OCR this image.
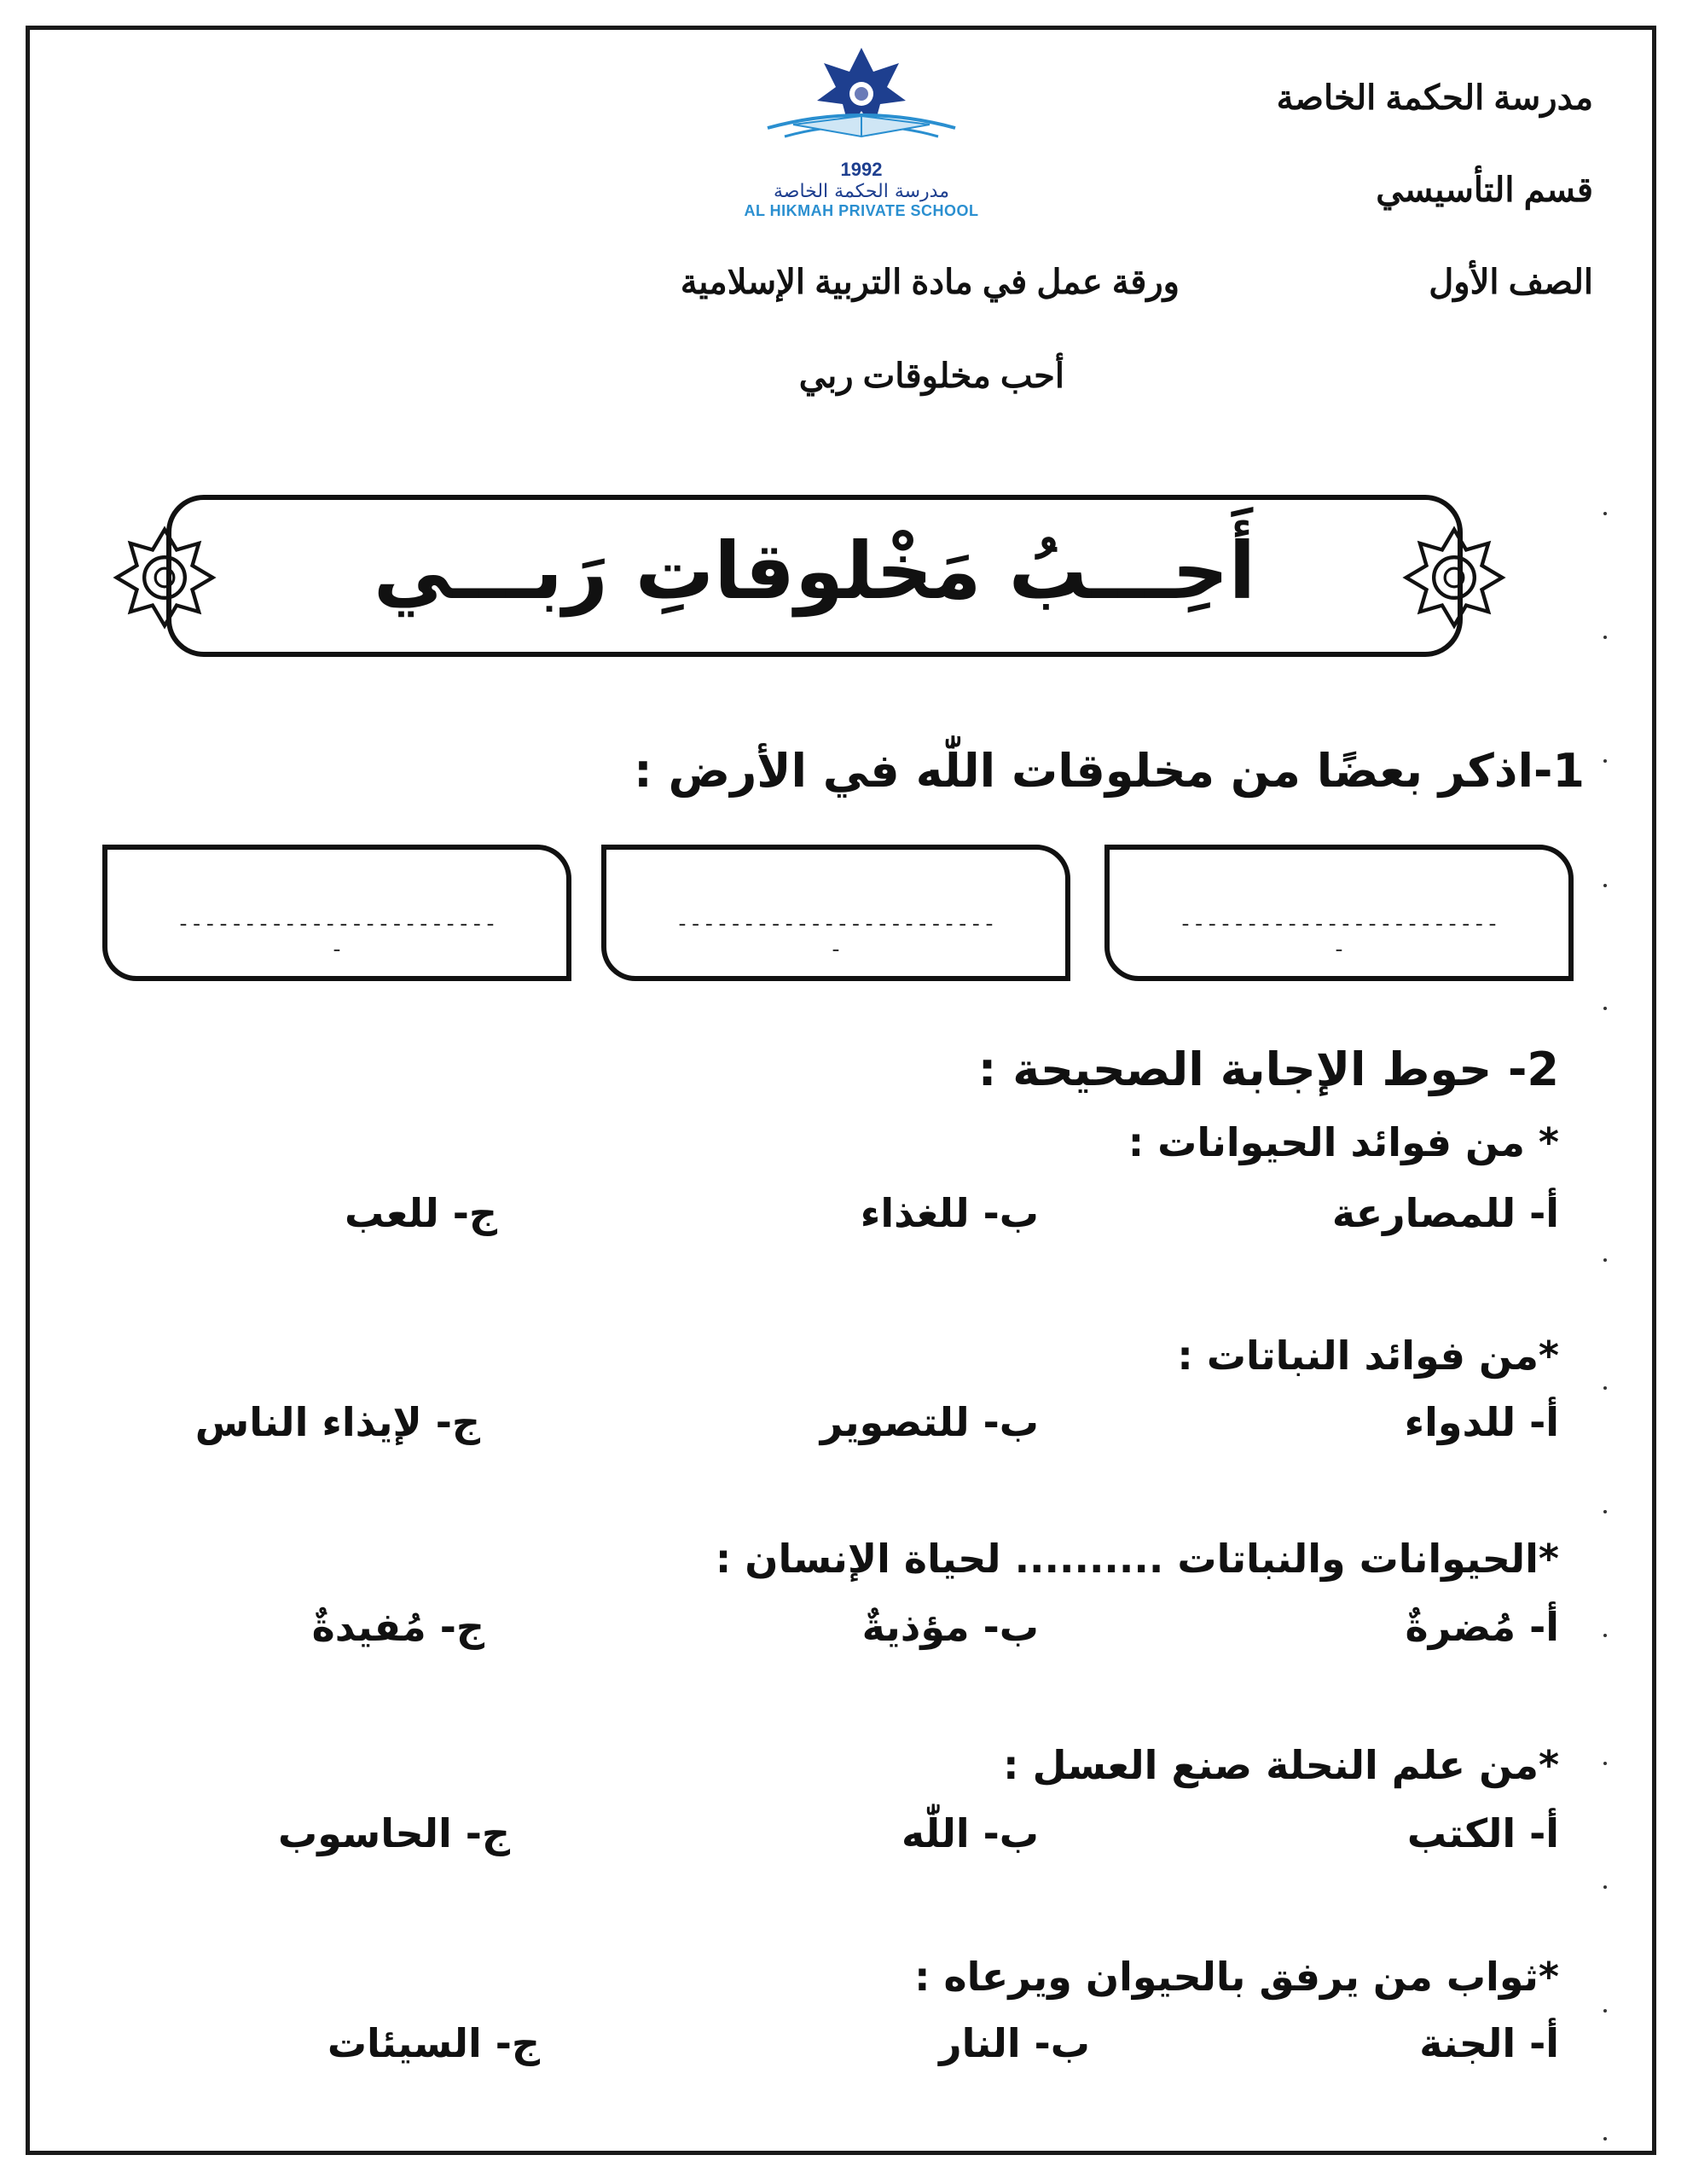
1992
مدرسة الحكمة الخاصة
AL HIKMAH PRIVATE SCHOOL
مدرسة الحكمة الخاصة
قسم التأسيسي
الصف الأول
ورقة عمل في مادة التربية الإسلامية
أحب مخلوقات ربي
أَحِـــبُ مَخْلوقاتِ رَبـــي
1-اذكر بعضًا من مخلوقات اللّٰه في الأرض :
-------------------------
-------------------------
-------------------------
2- حوط الإجابة الصحيحة :
* من فوائد الحيوانات :
أ- للمصارعة
ب- للغذاء
ج- للعب
*من فوائد النباتات :
أ- للدواء
ب- للتصوير
ج- لإيذاء الناس
*الحيوانات والنباتات .......... لحياة الإنسان :
أ- مُضرةٌ
ب- مؤذيةٌ
ج- مُفيدةٌ
*من علم النحلة صنع العسل :
أ- الكتب
ب- اللّٰه
ج- الحاسوب
*ثواب من يرفق بالحيوان ويرعاه :
أ- الجنة
ب- النار
ج- السيئات
